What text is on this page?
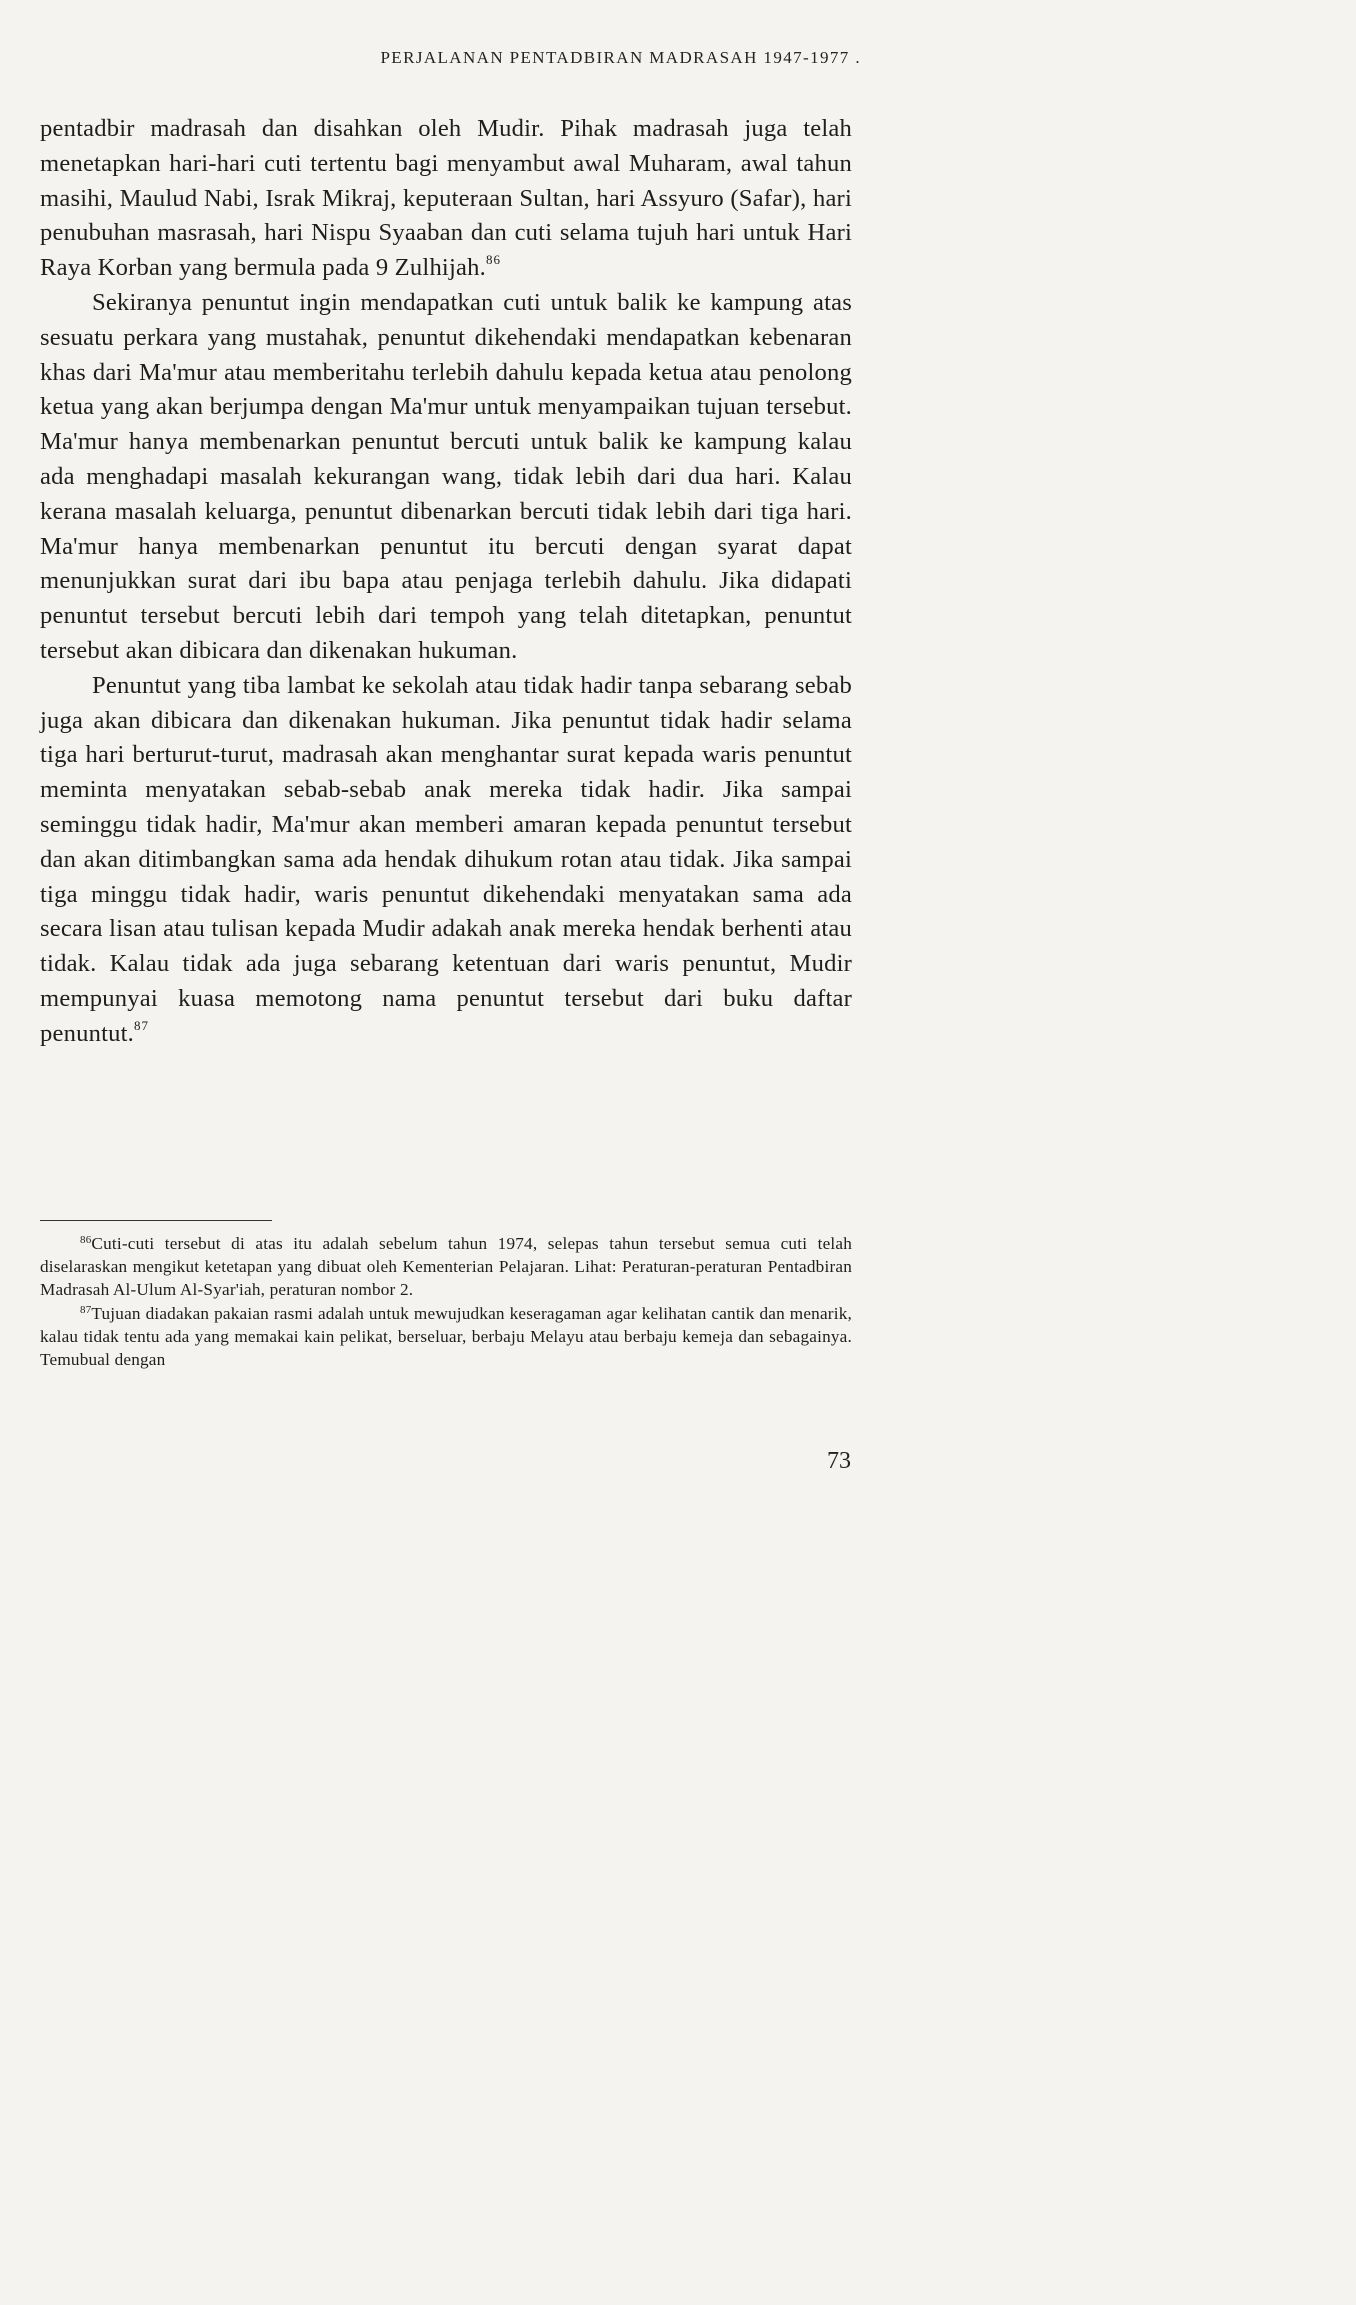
PERJALANAN PENTADBIRAN MADRASAH 1947-1977 .

pentadbir madrasah dan disahkan oleh Mudir. Pihak madrasah juga telah menetapkan hari-hari cuti tertentu bagi menyambut awal Muharam, awal tahun masihi, Maulud Nabi, Israk Mikraj, keputeraan Sultan, hari Assyuro (Safar), hari penubuhan masrasah, hari Nispu Syaaban dan cuti selama tujuh hari untuk Hari Raya Korban yang bermula pada 9 Zulhijah.$^{86}$

Sekiranya penuntut ingin mendapatkan cuti untuk balik ke kampung atas sesuatu perkara yang mustahak, penuntut dikehendaki mendapatkan kebenaran khas dari Ma'mur atau memberitahu terlebih dahulu kepada ketua atau penolong ketua yang akan berjumpa dengan Ma'mur untuk menyampaikan tujuan tersebut. Ma'mur hanya membenarkan penuntut bercuti untuk balik ke kampung kalau ada menghadapi masalah kekurangan wang, tidak lebih dari dua hari. Kalau kerana masalah keluarga, penuntut dibenarkan bercuti tidak lebih dari tiga hari. Ma'mur hanya membenarkan penuntut itu bercuti dengan syarat dapat menunjukkan surat dari ibu bapa atau penjaga terlebih dahulu. Jika didapati penuntut tersebut bercuti lebih dari tempoh yang telah ditetapkan, penuntut tersebut akan dibicara dan dikenakan hukuman.

Penuntut yang tiba lambat ke sekolah atau tidak hadir tanpa sebarang sebab juga akan dibicara dan dikenakan hukuman. Jika penuntut tidak hadir selama tiga hari berturut-turut, madrasah akan menghantar surat kepada waris penuntut meminta menyatakan sebab-sebab anak mereka tidak hadir. Jika sampai seminggu tidak hadir, Ma'mur akan memberi amaran kepada penuntut tersebut dan akan ditimbangkan sama ada hendak dihukum rotan atau tidak. Jika sampai tiga minggu tidak hadir, waris penuntut dikehendaki menyatakan sama ada secara lisan atau tulisan kepada Mudir adakah anak mereka hendak berhenti atau tidak. Kalau tidak ada juga sebarang ketentuan dari waris penuntut, Mudir mempunyai kuasa memotong nama penuntut tersebut dari buku daftar penuntut.$^{87}$

$^{86}$Cuti-cuti tersebut di atas itu adalah sebelum tahun 1974, selepas tahun tersebut semua cuti telah diselaraskan mengikut ketetapan yang dibuat oleh Kementerian Pelajaran. Lihat: Peraturan-peraturan Pentadbiran Madrasah Al-Ulum Al-Syar'iah, peraturan nombor 2.

$^{87}$Tujuan diadakan pakaian rasmi adalah untuk mewujudkan keseragaman agar kelihatan cantik dan menarik, kalau tidak tentu ada yang memakai kain pelikat, berseluar, berbaju Melayu atau berbaju kemeja dan sebagainya. Temubual dengan

73
